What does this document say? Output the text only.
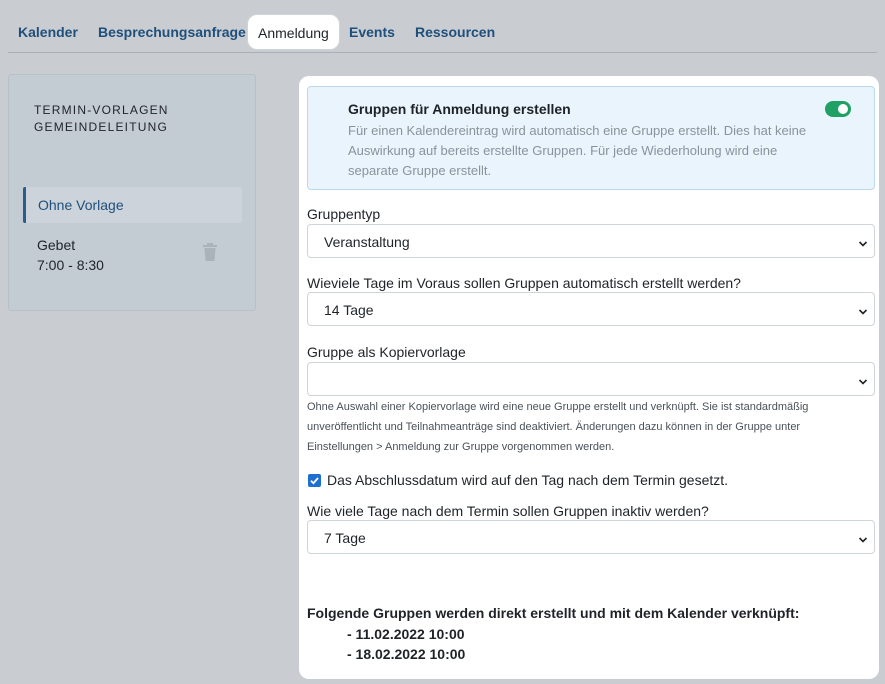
Kalender	Besprechungsanfrage Anmeldung	Events	Ressourcen
TERMIN-VORLAGEN
GEMEINDELEITUNG
Ohne Vorlage
Gebet
7:00 - 8:30
Gruppen für Anmeldung erstellen
Für einen Kalendereintrag wird automatisch eine Gruppe erstellt. Dies hat keine Auswirkung auf bereits erstellte Gruppen. Für jede Wiederholung wird eine separate Gruppe erstellt.
Gruppentyp
Veranstaltung
Wieviele Tage im Voraus sollen Gruppen automatisch erstellt werden?
14 Tage
Gruppe als Kopiervorlage
Ohne Auswahl einer Kopiervorlage wird eine neue Gruppe erstellt und verknüpft. Sie ist standardmäßig unveröffentlicht und Teilnahmeanträge sind deaktiviert. Änderungen dazu können in der Gruppe unter Einstellungen > Anmeldung zur Gruppe vorgenommen werden.
Das Abschlussdatum wird auf den Tag nach dem Termin gesetzt.
Wie viele Tage nach dem Termin sollen Gruppen inaktiv werden?
7 Tage
Folgende Gruppen werden direkt erstellt und mit dem Kalender verknüpft:
- 11.02.2022 10:00
- 18.02.2022 10:00
